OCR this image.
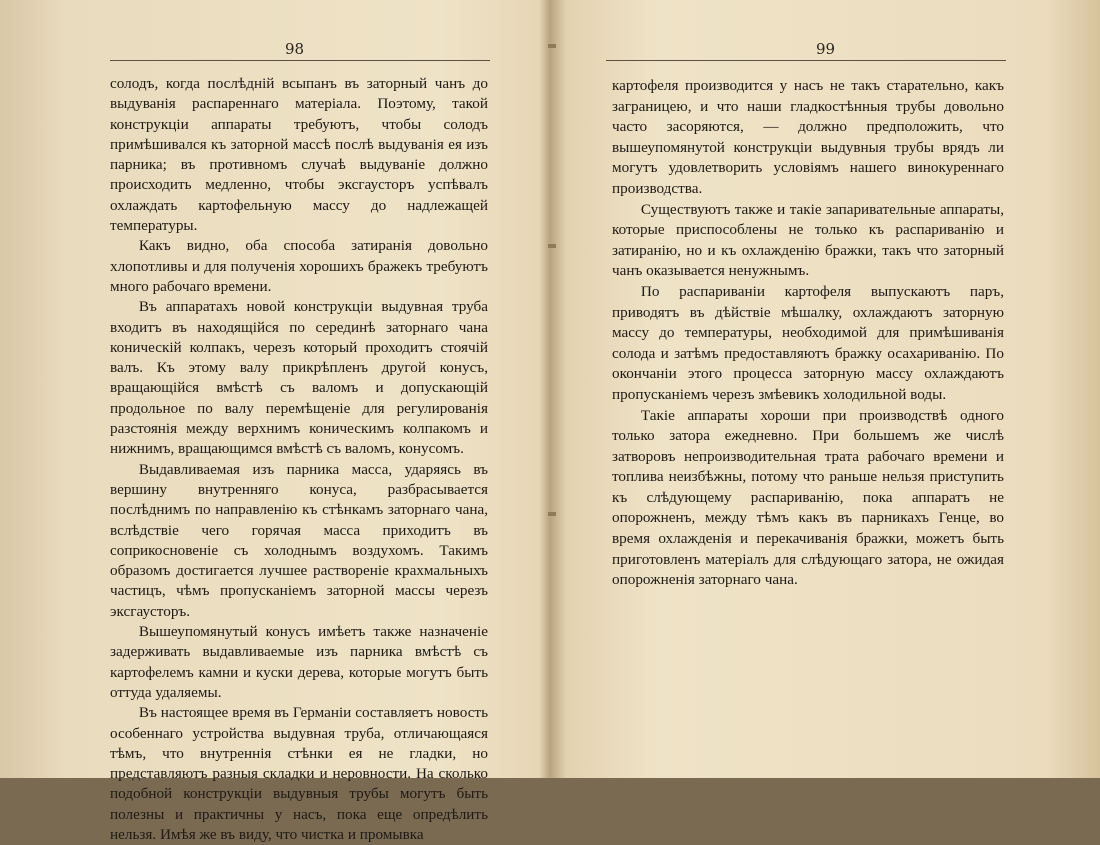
98

солодъ, когда послѣдній всыпанъ въ заторный чанъ до выдуванія распареннаго матеріала. Поэтому, такой конструкціи аппараты требуютъ, чтобы солодъ примѣшивался къ заторной массѣ послѣ выдуванія ея изъ парника; въ противномъ случаѣ выдуваніе должно происходить медленно, чтобы эксгаусторъ успѣвалъ охлаждать картофельную массу до надлежащей температуры.

Какъ видно, оба способа затиранія довольно хлопотливы и для полученія хорошихъ бражекъ требуютъ много рабочаго времени.

Въ аппаратахъ новой конструкціи выдувная труба входитъ въ находящійся по серединѣ заторнаго чана коническій колпакъ, черезъ который проходитъ стоячій валъ. Къ этому валу прикрѣпленъ другой конусъ, вращающійся вмѣстѣ съ валомъ и допускающій продольное по валу перемѣщеніе для регулированія разстоянія между верхнимъ коническимъ колпакомъ и нижнимъ, вращающимся вмѣстѣ съ валомъ, конусомъ.

Выдавливаемая изъ парника масса, ударяясь въ вершину внутренняго конуса, разбрасывается послѣднимъ по направленію къ стѣнкамъ заторнаго чана, вслѣдствіе чего горячая масса приходитъ въ соприкосновеніе съ холоднымъ воздухомъ. Такимъ образомъ достигается лучшее раствореніе крахмальныхъ частицъ, чѣмъ пропусканіемъ заторной массы черезъ эксгаусторъ.

Вышеупомянутый конусъ имѣетъ также назначеніе задерживать выдавливаемые изъ парника вмѣстѣ съ картофелемъ камни и куски дерева, которые могутъ быть оттуда удаляемы.

Въ настоящее время въ Германіи составляетъ новость особеннаго устройства выдувная труба, отличающаяся тѣмъ, что внутреннія стѣнки ея не гладки, но представляютъ разныя складки и неровности. На сколько подобной конструкціи выдувныя трубы могутъ быть полезны и практичны у насъ, пока еще опредѣлить нельзя. Имѣя же въ виду, что чистка и промывка

99

картофеля производится у насъ не такъ старательно, какъ заграницею, и что наши гладкостѣнныя трубы довольно часто засоряются, — должно предположить, что вышеупомянутой конструкціи выдувныя трубы врядъ ли могутъ удовлетворить условіямъ нашего винокуреннаго производства.

Существуютъ также и такіе запаривательные аппараты, которые приспособлены не только къ распариванію и затиранію, но и къ охлажденію бражки, такъ что заторный чанъ оказывается ненужнымъ.

По распариваніи картофеля выпускаютъ паръ, приводятъ въ дѣйствіе мѣшалку, охлаждаютъ заторную массу до температуры, необходимой для примѣшиванія солода и затѣмъ предоставляютъ бражку осахариванію. По окончаніи этого процесса заторную массу охлаждаютъ пропусканіемъ черезъ змѣевикъ холодильной воды.

Такіе аппараты хороши при производствѣ одного только затора ежедневно. При большемъ же числѣ затворовъ непроизводительная трата рабочаго времени и топлива неизбѣжны, потому что раньше нельзя приступить къ слѣдующему распариванію, пока аппаратъ не опорожненъ, между тѣмъ какъ въ парникахъ Генце, во время охлажденія и перекачиванія бражки, можетъ быть приготовленъ матеріалъ для слѣдующаго затора, не ожидая опорожненія заторнаго чана.
